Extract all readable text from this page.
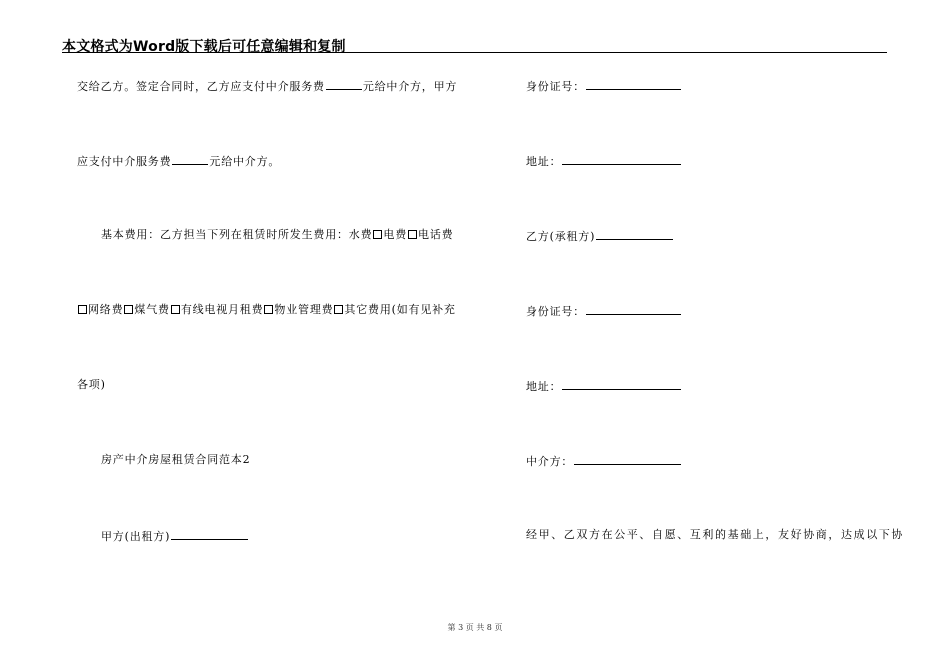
本文格式为Word版下载后可任意编辑和复制
交给乙方。签定合同时，乙方应支付中介服务费	元给中介方，甲方
应支付中介服务费	元给中介方。
基本费用：乙方担当下列在租赁时所发生费用：水费 电费 电话费
网络费 煤气费 有线电视月租费 物业管理费 其它费用(如有见补充
各项)
房产中介房屋租赁合同范本2
甲方(出租方)
身份证号：
地址：
乙方(承租方)
身份证号：
地址：
中介方：
经甲、乙双方在公平、自愿、互利的基础上，友好协商，达成以下协
第 3 页 共 8 页
